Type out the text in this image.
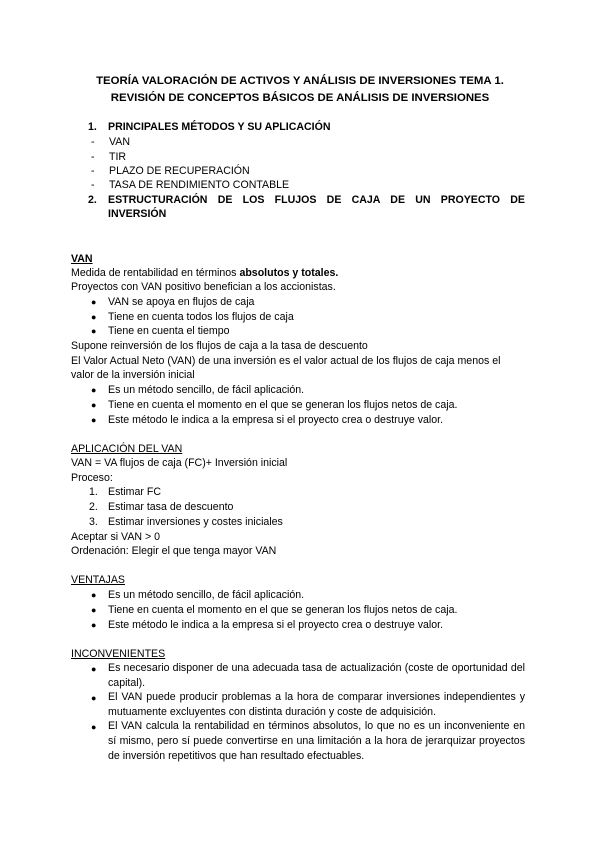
TEORÍA VALORACIÓN DE ACTIVOS Y ANÁLISIS DE INVERSIONES TEMA 1.
REVISIÓN DE CONCEPTOS BÁSICOS DE ANÁLISIS DE INVERSIONES
1. PRINCIPALES MÉTODOS Y SU APLICACIÓN
- VAN
- TIR
- PLAZO DE RECUPERACIÓN
- TASA DE RENDIMIENTO CONTABLE
2. ESTRUCTURACIÓN DE LOS FLUJOS DE CAJA DE UN PROYECTO DE
INVERSIÓN
VAN
Medida de rentabilidad en términos absolutos y totales.
Proyectos con VAN positivo benefician a los accionistas.
● VAN se apoya en flujos de caja
● Tiene en cuenta todos los flujos de caja
● Tiene en cuenta el tiempo
Supone reinversión de los flujos de caja a la tasa de descuento
El Valor Actual Neto (VAN) de una inversión es el valor actual de los flujos de caja menos el
valor de la inversión inicial
● Es un método sencillo, de fácil aplicación.
● Tiene en cuenta el momento en el que se generan los flujos netos de caja.
● Este método le indica a la empresa si el proyecto crea o destruye valor.
APLICACIÓN DEL VAN
VAN = VA flujos de caja (FC)+ Inversión inicial
Proceso:
1. Estimar FC
2. Estimar tasa de descuento
3. Estimar inversiones y costes iniciales
Aceptar si VAN > 0
Ordenación: Elegir el que tenga mayor VAN
VENTAJAS
● Es un método sencillo, de fácil aplicación.
● Tiene en cuenta el momento en el que se generan los flujos netos de caja.
● Este método le indica a la empresa si el proyecto crea o destruye valor.
INCONVENIENTES
● Es necesario disponer de una adecuada tasa de actualización (coste de oportunidad del capital).
● El VAN puede producir problemas a la hora de comparar inversiones independientes y mutuamente excluyentes con distinta duración y coste de adquisición.
● El VAN calcula la rentabilidad en términos absolutos, lo que no es un inconveniente en sí mismo, pero sí puede convertirse en una limitación a la hora de jerarquizar proyectos de inversión repetitivos que han resultado efectuables.
